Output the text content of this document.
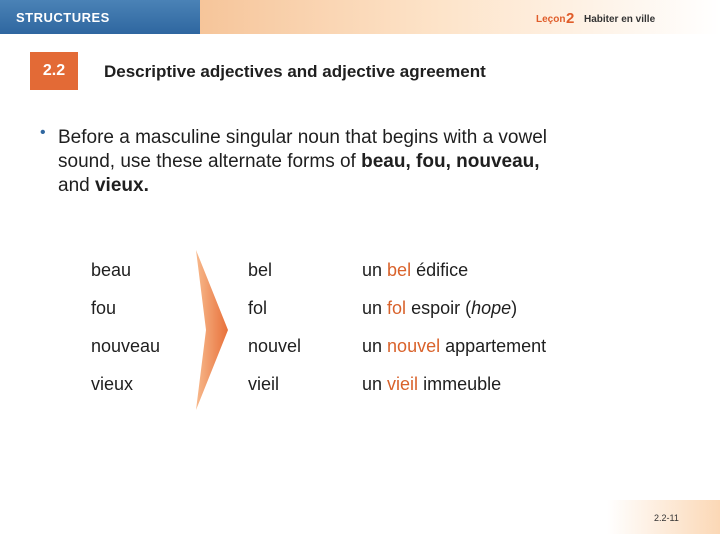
STRUCTURES	Leçon 2 Habiter en ville
2.2	Descriptive adjectives and adjective agreement
• Before a masculine singular noun that begins with a vowel
sound, use these alternate forms of beau, fou, nouveau,
and vieux.
beau	bel	un bel édifice
fou	fol	un fol espoir (hope)
nouveau	nouvel	un nouvel appartement
vieux	vieil	un vieil immeuble
2.2-11
